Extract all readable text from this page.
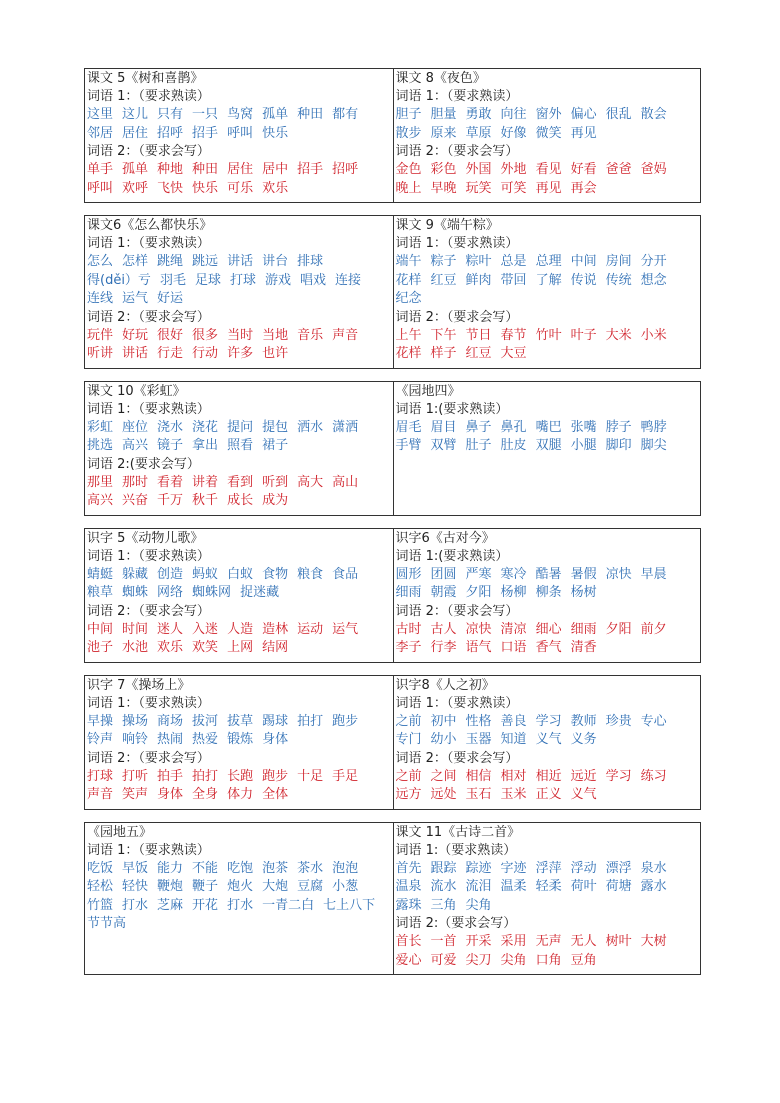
课文 5《树和喜鹊》
词语 1：（要求熟读）
这里 这儿 只有 一只 鸟窝 孤单 种田 都有
邻居 居住 招呼 招手 呼叫 快乐
词语 2：（要求会写）
单手 孤单 种地 种田 居住 居中 招手 招呼
呼叫 欢呼 飞快 快乐 可乐 欢乐
课文 8《夜色》
词语 1：（要求熟读）
胆子 胆量 勇敢 向往 窗外 偏心 很乱 散会
散步 原来 草原 好像 微笑 再见
词语 2：（要求会写）
金色 彩色 外国 外地 看见 好看 爸爸 爸妈
晚上 早晚 玩笑 可笑 再见 再会
课文6《怎么都快乐》
词语 1：（要求熟读）
怎么 怎样 跳绳 跳远 讲话 讲台 排球
得(děi）亏 羽毛 足球 打球 游戏 唱戏 连接
连线 运气 好运
词语 2：（要求会写）
玩伴 好玩 很好 很多 当时 当地 音乐 声音
听讲 讲话 行走 行动 许多 也许
课文 9《端午粽》
词语 1：（要求熟读）
端午 粽子 粽叶 总是 总理 中间 房间 分开
花样 红豆 鲜肉 带回 了解 传说 传统 想念
纪念
词语 2：（要求会写）
上午 下午 节日 春节 竹叶 叶子 大米 小米
花样 样子 红豆 大豆
课文 10《彩虹》
词语 1：（要求熟读）
彩虹 座位 浇水 浇花 提问 提包 洒水 潇洒
挑选 高兴 镜子 拿出 照看 裙子
词语 2:(要求会写）
那里 那时 看着 讲着 看到 听到 高大 高山
高兴 兴奋 千万 秋千 成长 成为
《园地四》
词语 1:(要求熟读）
眉毛 眉目 鼻子 鼻孔 嘴巴 张嘴 脖子 鸭脖
手臂 双臂 肚子 肚皮 双腿 小腿 脚印 脚尖
识字 5《动物儿歌》
词语 1：（要求熟读）
蜻蜓 躲藏 创造 蚂蚁 白蚁 食物 粮食 食品
粮草 蜘蛛 网络 蜘蛛网 捉迷藏
词语 2：（要求会写）
中间 时间 迷人 入迷 人造 造林 运动 运气
池子 水池 欢乐 欢笑 上网 结网
识字6《古对今》
词语 1:(要求熟读）
圆形 团圆 严寒 寒冷 酷暑 暑假 凉快 早晨
细雨 朝霞 夕阳 杨柳 柳条 杨树
词语 2：（要求会写）
古时 古人 凉快 清凉 细心 细雨 夕阳 前夕
李子 行李 语气 口语 香气 清香
识字 7《操场上》
词语 1：（要求熟读）
早操 操场 商场 拔河 拔草 踢球 拍打 跑步
铃声 响铃 热闹 热爱 锻炼 身体
词语 2：（要求会写）
打球 打听 拍手 拍打 长跑 跑步 十足 手足
声音 笑声 身体 全身 体力 全体
识字8《人之初》
词语 1：（要求熟读）
之前 初中 性格 善良 学习 教师 珍贵 专心
专门 幼小 玉器 知道 义气 义务
词语 2：（要求会写）
之前 之间 相信 相对 相近 远近 学习 练习
远方 远处 玉石 玉米 正义 义气
《园地五》
词语 1：（要求熟读）
吃饭 早饭 能力 不能 吃饱 泡茶 茶水 泡泡
轻松 轻快 鞭炮 鞭子 炮火 大炮 豆腐 小葱
竹篮 打水 芝麻 开花 打水 一青二白 七上八下
节节高
课文 11《古诗二首》
词语 1:（要求熟读）
首先 跟踪 踪迹 字迹 浮萍 浮动 漂浮 泉水
温泉 流水 流泪 温柔 轻柔 荷叶 荷塘 露水
露珠 三角 尖角
词语 2:（要求会写）
首长 一首 开采 采用 无声 无人 树叶 大树
爱心 可爱 尖刀 尖角 口角 豆角
